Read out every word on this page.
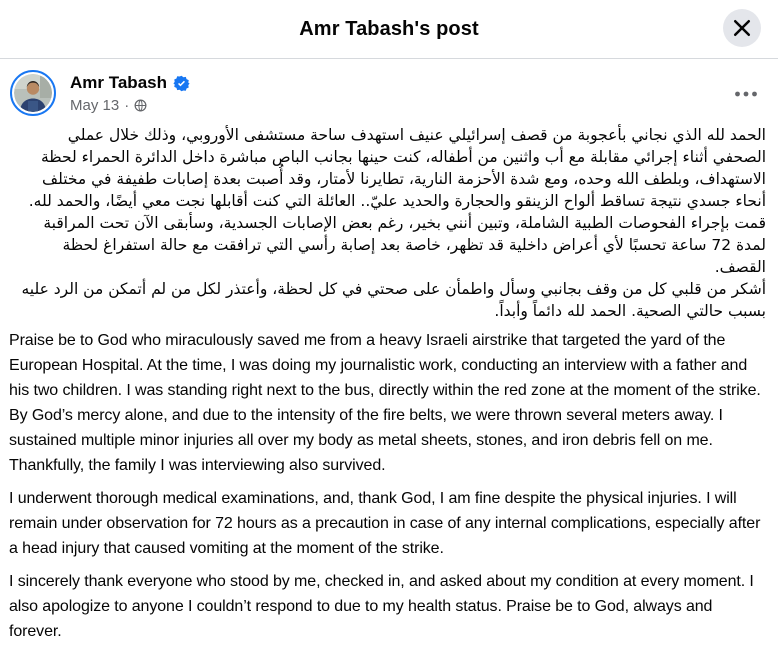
Amr Tabash's post
Amr Tabash
May 13 ·

الحمد لله الذي نجاني بأعجوبة من قصف إسرائيلي عنيف استهدف ساحة مستشفى الأوروبي، وذلك خلال عملي الصحفي أثناء إجرائي مقابلة مع أب واثنين من أطفاله، كنت حينها بجانب الباص مباشرة داخل الدائرة الحمراء لحظة الاستهداف، وبلطف الله وحده، ومع شدة الأحزمة النارية، تطايرنا لأمتار، وقد أُصبت بعدة إصابات طفيفة في مختلف أنحاء جسدي نتيجة تساقط ألواح الزينقو والحجارة والحديد عليّ.. العائلة التي كنت أقابلها نجت معي أيضًا، والحمد لله.

قمت بإجراء الفحوصات الطبية الشاملة، وتبين أنني بخير، رغم بعض الإصابات الجسدية، وسأبقى الآن تحت المراقبة لمدة 72 ساعة تحسبًا لأي أعراض داخلية قد تظهر، خاصة بعد إصابة رأسي التي ترافقت مع حالة استفراغ لحظة القصف.

أشكر من قلبي كل من وقف بجانبي وسأل واطمأن على صحتي في كل لحظة، وأعتذر لكل من لم أتمكن من الرد عليه بسبب حالتي الصحية. الحمد لله دائماً وأبداً.

Praise be to God who miraculously saved me from a heavy Israeli airstrike that targeted the yard of the European Hospital. At the time, I was doing my journalistic work, conducting an interview with a father and his two children. I was standing right next to the bus, directly within the red zone at the moment of the strike. By God’s mercy alone, and due to the intensity of the fire belts, we were thrown several meters away. I sustained multiple minor injuries all over my body as metal sheets, stones, and iron debris fell on me. Thankfully, the family I was interviewing also survived.

I underwent thorough medical examinations, and, thank God, I am fine despite the physical injuries. I will remain under observation for 72 hours as a precaution in case of any internal complications, especially after a head injury that caused vomiting at the moment of the strike.

I sincerely thank everyone who stood by me, checked in, and asked about my condition at every moment. I also apologize to anyone I couldn’t respond to due to my health status. Praise be to God, always and forever.
